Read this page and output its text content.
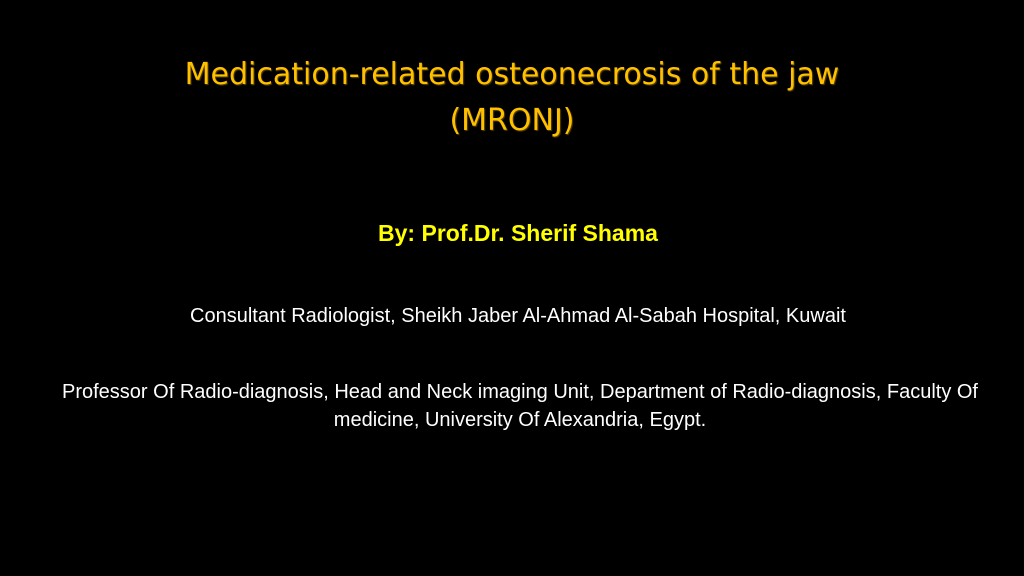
Medication-related osteonecrosis of the jaw
(MRONJ)
By: Prof.Dr. Sherif Shama
Consultant Radiologist, Sheikh Jaber Al-Ahmad Al-Sabah Hospital, Kuwait
Professor Of Radio-diagnosis, Head and Neck imaging Unit, Department of Radio-diagnosis, Faculty Of medicine, University Of Alexandria, Egypt.
